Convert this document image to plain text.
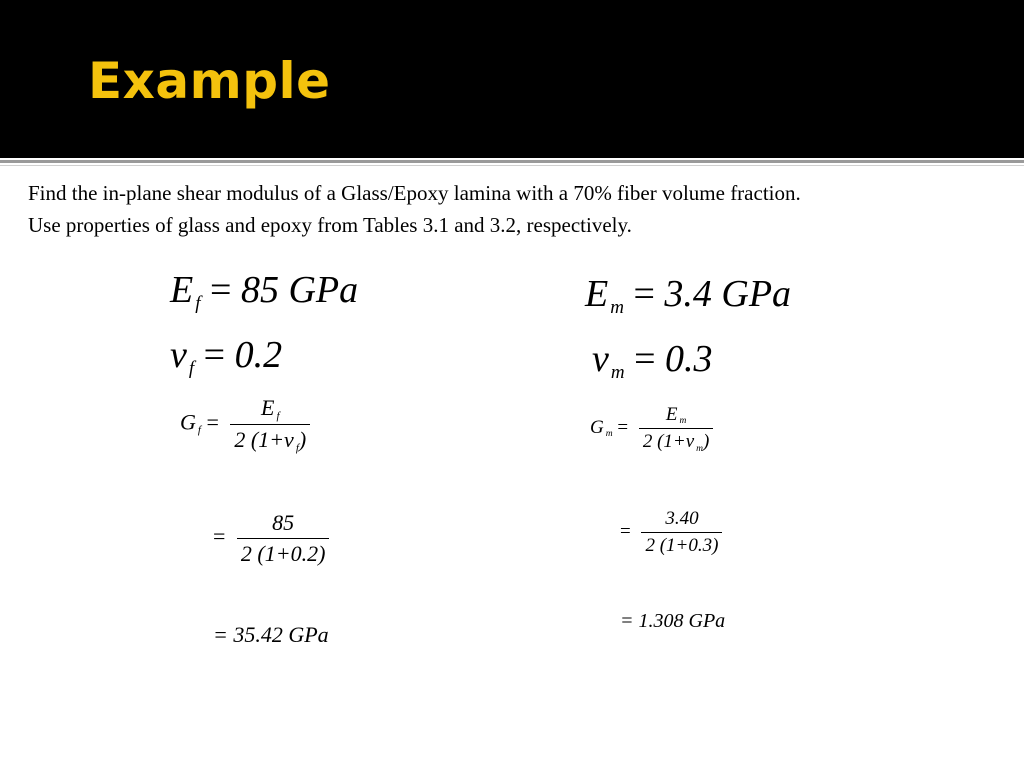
Example
Find the in-plane shear modulus of a Glass/Epoxy lamina with a 70% fiber volume fraction.
Use properties of glass and epoxy from Tables 3.1 and 3.2, respectively.
E $_f$ = 85 GPa
ν $_f$ = 0.2
G $_f = \frac{E _f}{2 (1+\nu _f)}$
= $\frac{85}{2 (1+0.2)}$
= 35.42 GPa
E $_m$ = 3.4 GPa
ν $_m$ = 0.3
G $_m = \frac{E _m}{2 (1+\nu _m)}$
= $\frac{3.40}{2 (1+0.3)}$
= 1.308 GPa
